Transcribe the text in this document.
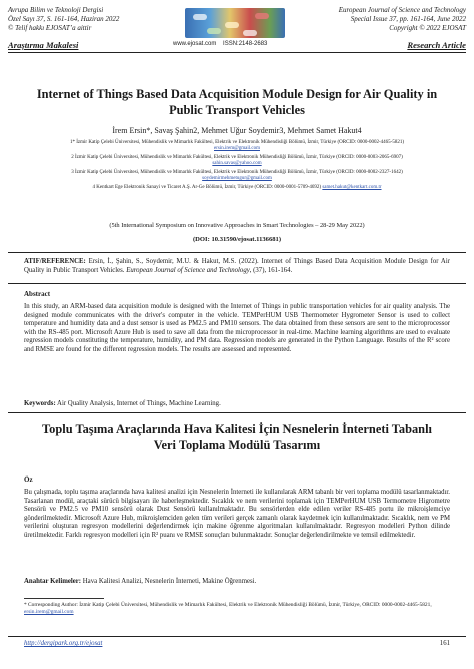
Avrupa Bilim ve Teknoloji Dergisi
Özel Sayı 37, S. 161-164, Haziran 2022
© Telif hakkı EJOSAT’a aittir
www.ejosat.com ISSN:2148-2683
European Journal of Science and Technology
Special Issue 37, pp. 161-164, June 2022
Copyright © 2022 EJOSAT
Araştırma Makalesi	Research Article
Internet of Things Based Data Acquisition Module Design for Air Quality in Public Transport Vehicles
İrem Ersin*, Savaş Şahin2, Mehmet Uğur Soydemir3, Mehmet Samet Hakut4
1* İzmir Katip Çelebi Üniversitesi, Mühendislik ve Mimarlık Fakültesi, Elektrik ve Elektronik Mühendisliği Bölümü, İzmir, Türkiye (ORCID: 0000-0002-4465-5821)
ersin.irem@gmail.com
2 İzmir Katip Çelebi Üniversitesi, Mühendislik ve Mimarlık Fakültesi, Elektrik ve Elektronik Mühendisliği Bölümü, İzmir, Türkiye (ORCID: 0000-0003-2065-6907)
sahin.savas@yahoo.com
3 İzmir Katip Çelebi Üniversitesi, Mühendislik ve Mimarlık Fakültesi, Elektrik ve Elektronik Mühendisliği Bölümü, İzmir, Türkiye (ORCID: 0000-0002-2327-1642)
soydemirmehmetugur@gmail.com
4 Kentkart Ege Elektronik Sanayi ve Ticaret A.Ş. Ar-Ge Bölümü, İzmir, Türkiye (ORCID: 0000-0001-5709-4692) samet.hakut@kentkart.com.tr
(5th International Symposium on Innovative Approaches in Smart Technologies – 28-29 May 2022)
(DOI: 10.31590/ejosat.1136681)
ATIF/REFERENCE: Ersin, İ., Şahin, S., Soydemir, M.U. & Hakut, M.S. (2022). Internet of Things Based Data Acquisition Module Design for Air Quality in Public Transport Vehicles. European Journal of Science and Technology, (37), 161-164.
Abstract
In this study, an ARM-based data acquisition module is designed with the Internet of Things in public transportation vehicles for air quality analysis. The designed module communicates with the driver's computer in the vehicle. TEMPerHUM USB Thermometer Hygrometer Sensor is used to collect temperature and humidity data and a dust sensor is used as PM2.5 and PM10 sensors. The data obtained from these sensors are sent to the microprocessor with the RS-485 port. Microsoft Azure Hub is used to save all data from the microprocessor in real-time. Machine learning algorithms are used to evaluate regression models constituting the temperature, humidity, and PM data. Regression models are generated in the Python Language. Results of the R² score and RMSE are found for the different regression models. The results are assessed and represented.
Keywords: Air Quality Analysis, Internet of Things, Machine Learning.
Toplu Taşıma Araçlarında Hava Kalitesi İçin Nesnelerin İnterneti Tabanlı Veri Toplama Modülü Tasarımı
Öz
Bu çalışmada, toplu taşıma araçlarında hava kalitesi analizi için Nesnelerin İnterneti ile kullanılarak ARM tabanlı bir veri toplama modülü tasarlanmaktadır. Tasarlanan modül, araçtaki sürücü bilgisayarı ile haberleşmektedir. Sıcaklık ve nem verilerini toplamak için TEMPerHUM USB Termometre Higrometre Sensörü ve PM2.5 ve PM10 sensörü olarak Dust Sensörü kullanılmaktadır. Bu sensörlerden elde edilen veriler RS-485 portu ile mikroişlemciye gönderilmektedir. Microsoft Azure Hub, mikroişlemciden gelen tüm verileri gerçek zamanlı olarak kaydetmek için kullanılmaktadır. Sıcaklık, nem ve PM verilerini oluşturan regresyon modellerini değerlendirmek için makine öğrenme algoritmaları kullanılmaktadır. Regresyon modelleri Python dilinde üretilmektedir. Farklı regresyon modelleri için R² puanı ve RMSE sonuçları bulunmaktadır. Sonuçlar değerlendirilmekte ve temsil edilmektedir.
Anahtar Kelimeler: Hava Kalitesi Analizi, Nesnelerin İnterneti, Makine Öğrenmesi.
* Corresponding Author: İzmir Katip Çelebi Üniversitesi, Mühendislik ve Mimarlık Fakültesi, Elektrik ve Elektronik Mühendisliği Bölümü, İzmir, Türkiye, ORCID: 0000-0002-4465-5821, ersin.irem@gmail.com
http://dergipark.org.tr/ejosat	161
